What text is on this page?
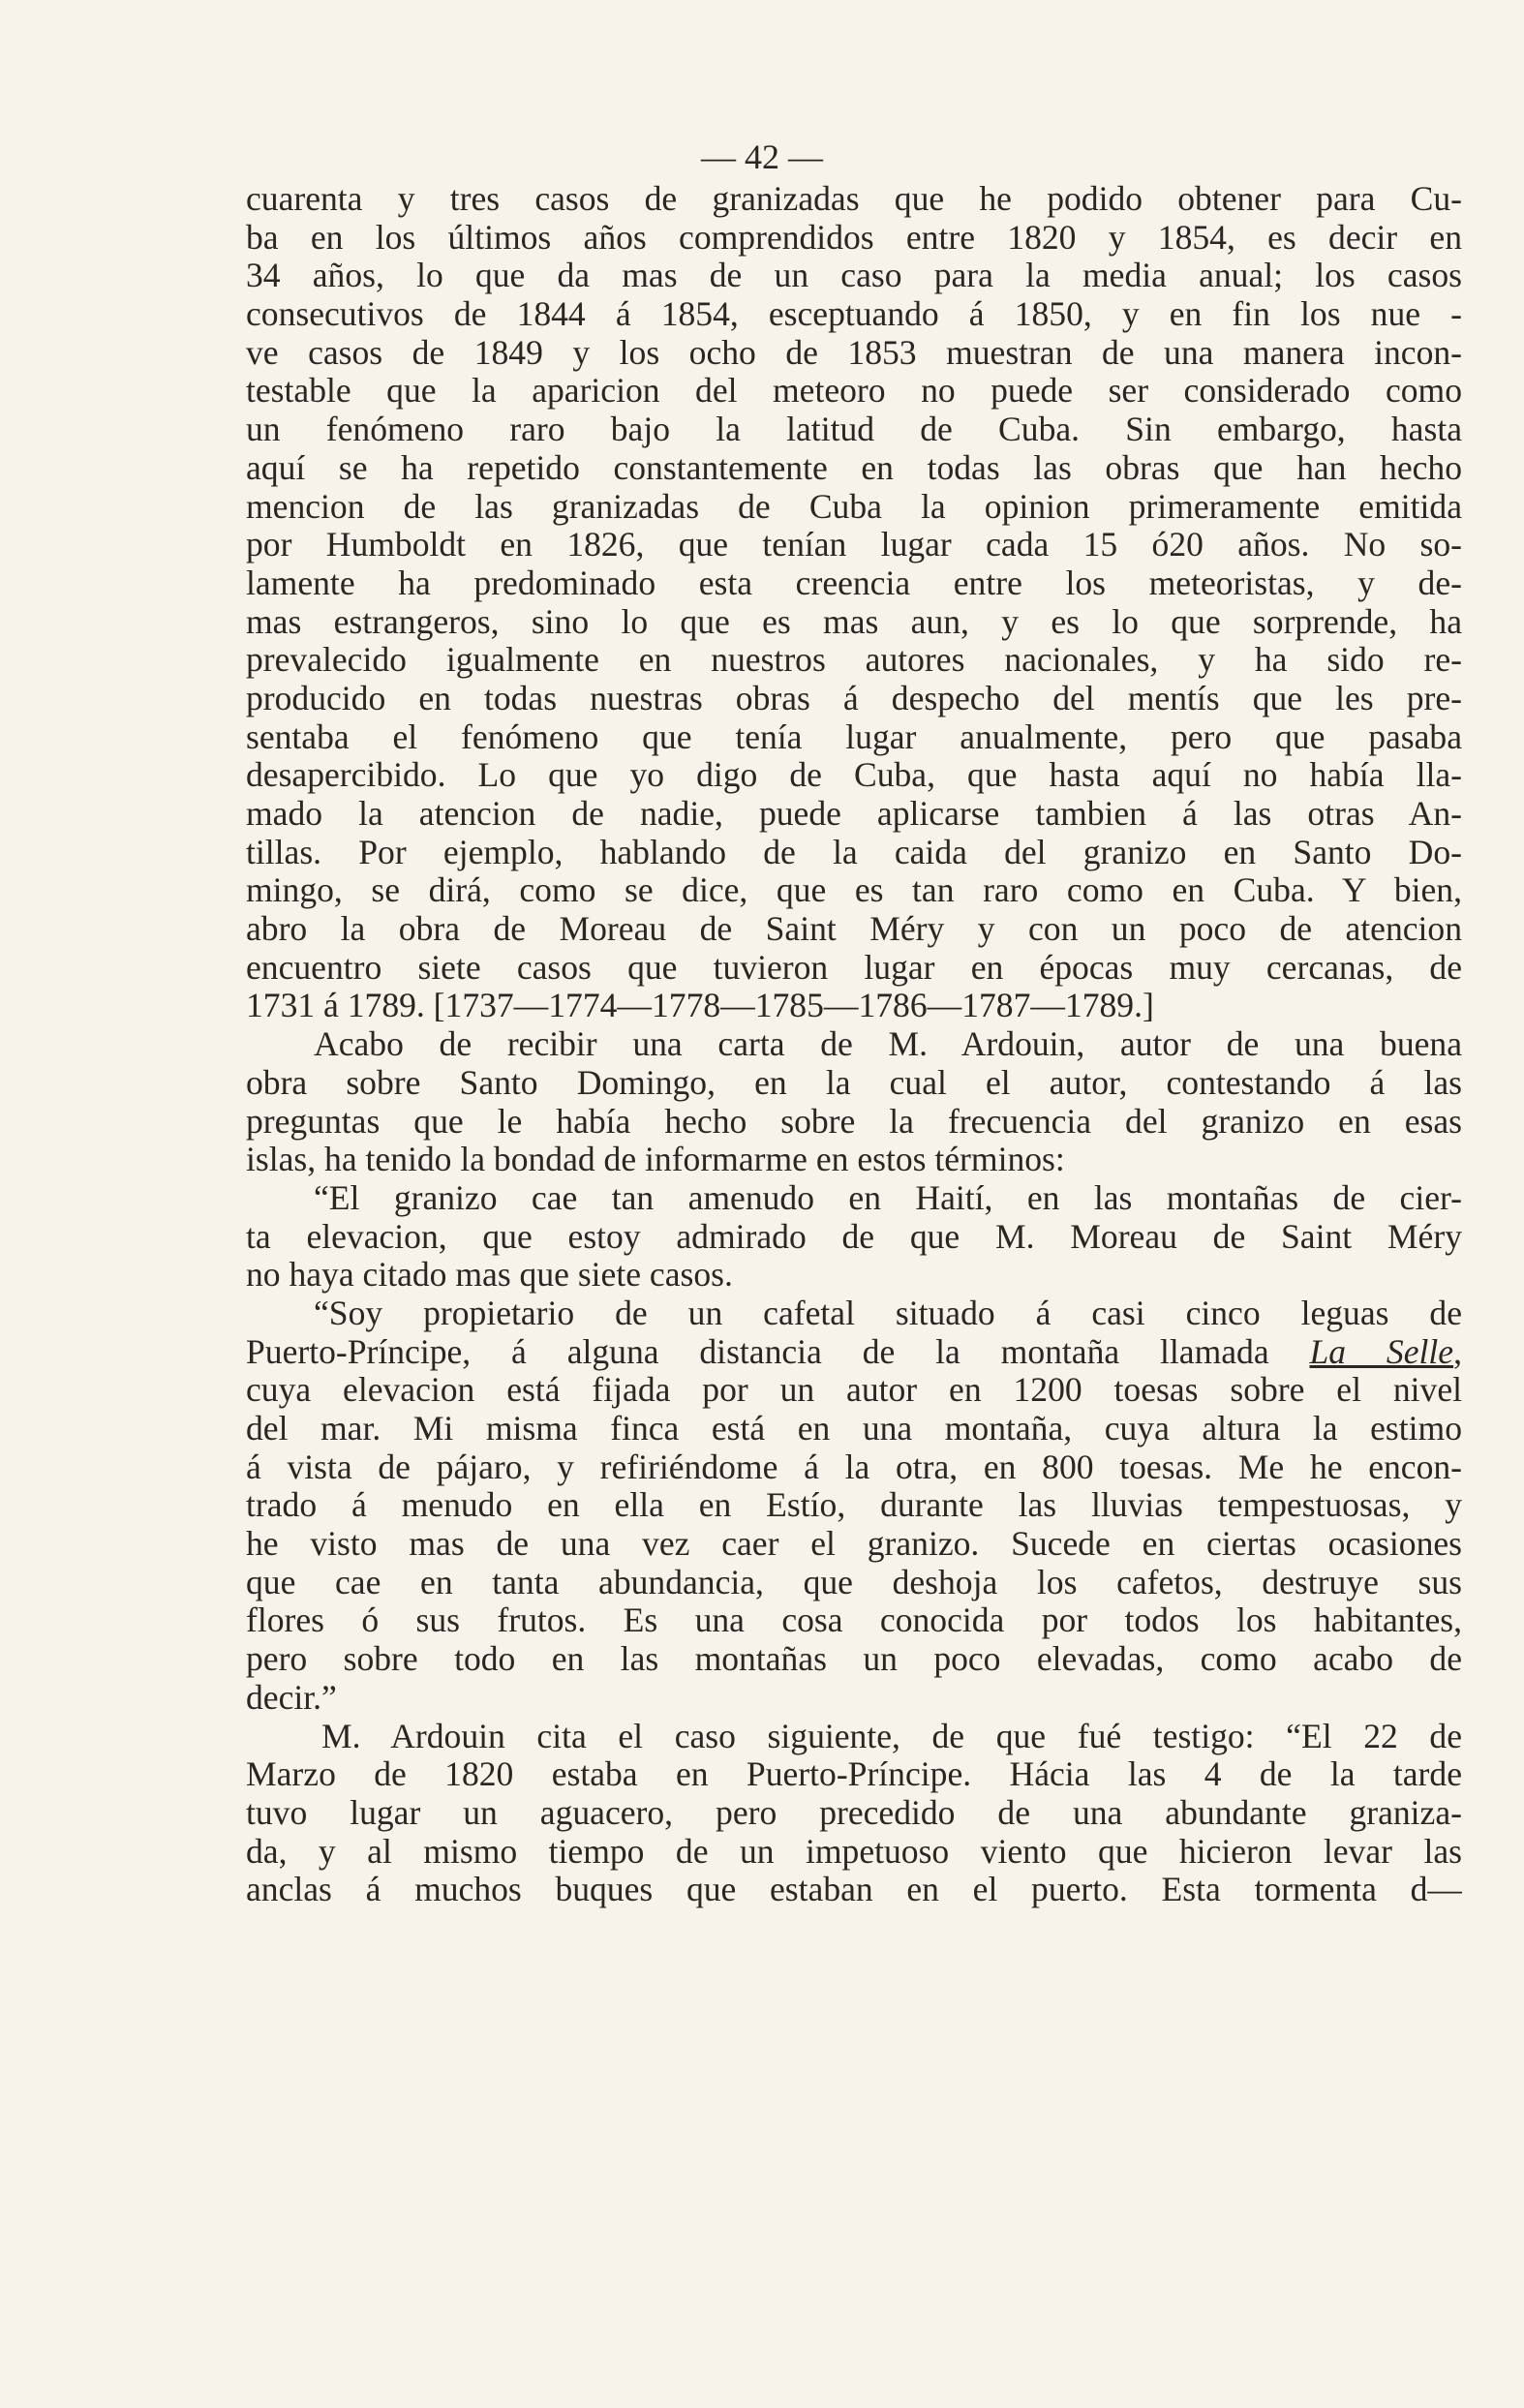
— 42 —
cuarenta y tres casos de granizadas que he podido obtener para Cu-
ba en los últimos años comprendidos entre 1820 y 1854, es decir en
34 años, lo que da mas de un caso para la media anual; los casos
consecutivos de 1844 á 1854, esceptuando á 1850, y en fin los nue -
ve casos de 1849 y los ocho de 1853 muestran de una manera incon-
testable que la aparicion del meteoro no puede ser considerado como
un fenómeno raro bajo la latitud de Cuba. Sin embargo, hasta
aquí se ha repetido constantemente en todas las obras que han hecho
mencion de las granizadas de Cuba la opinion primeramente emitida
por Humboldt en 1826, que tenían lugar cada 15 ó20 años. No so-
lamente ha predominado esta creencia entre los meteoristas, y de-
mas estrangeros, sino lo que es mas aun, y es lo que sorprende, ha
prevalecido igualmente en nuestros autores nacionales, y ha sido re-
producido en todas nuestras obras á despecho del mentís que les pre-
sentaba el fenómeno que tenía lugar anualmente, pero que pasaba
desapercibido. Lo que yo digo de Cuba, que hasta aquí no había lla-
mado la atencion de nadie, puede aplicarse tambien á las otras An-
tillas. Por ejemplo, hablando de la caida del granizo en Santo Do-
mingo, se dirá, como se dice, que es tan raro como en Cuba. Y bien,
abro la obra de Moreau de Saint Méry y con un poco de atencion
encuentro siete casos que tuvieron lugar en épocas muy cercanas, de
1731 á 1789. [1737—1774—1778—1785—1786—1787—1789.]
Acabo de recibir una carta de M. Ardouin, autor de una buena
obra sobre Santo Domingo, en la cual el autor, contestando á las
preguntas que le había hecho sobre la frecuencia del granizo en esas
islas, ha tenido la bondad de informarme en estos términos:
“El granizo cae tan amenudo en Haití, en las montañas de cier-
ta elevacion, que estoy admirado de que M. Moreau de Saint Méry
no haya citado mas que siete casos.
“Soy propietario de un cafetal situado á casi cinco leguas de
Puerto-Príncipe, á alguna distancia de la montaña llamada La Selle,
cuya elevacion está fijada por un autor en 1200 toesas sobre el nivel
del mar. Mi misma finca está en una montaña, cuya altura la estimo
á vista de pájaro, y refiriéndome á la otra, en 800 toesas. Me he encon-
trado á menudo en ella en Estío, durante las lluvias tempestuosas, y
he visto mas de una vez caer el granizo. Sucede en ciertas ocasiones
que cae en tanta abundancia, que deshoja los cafetos, destruye sus
flores ó sus frutos. Es una cosa conocida por todos los habitantes,
pero sobre todo en las montañas un poco elevadas, como acabo de
decir.”
M. Ardouin cita el caso siguiente, de que fué testigo: “El 22 de
Marzo de 1820 estaba en Puerto-Príncipe. Hácia las 4 de la tarde
tuvo lugar un aguacero, pero precedido de una abundante graniza-
da, y al mismo tiempo de un impetuoso viento que hicieron levar las
anclas á muchos buques que estaban en el puerto. Esta tormenta d—
